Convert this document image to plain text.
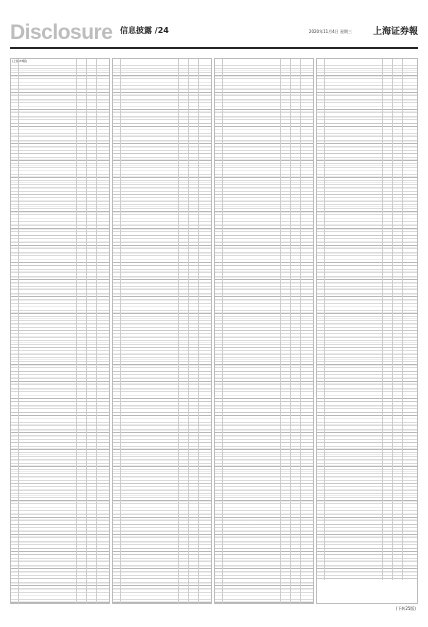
Disclosure 信息披露 /24	2020年11月4日 星期三 上海证券報
(上接23版)
(下转25版)
